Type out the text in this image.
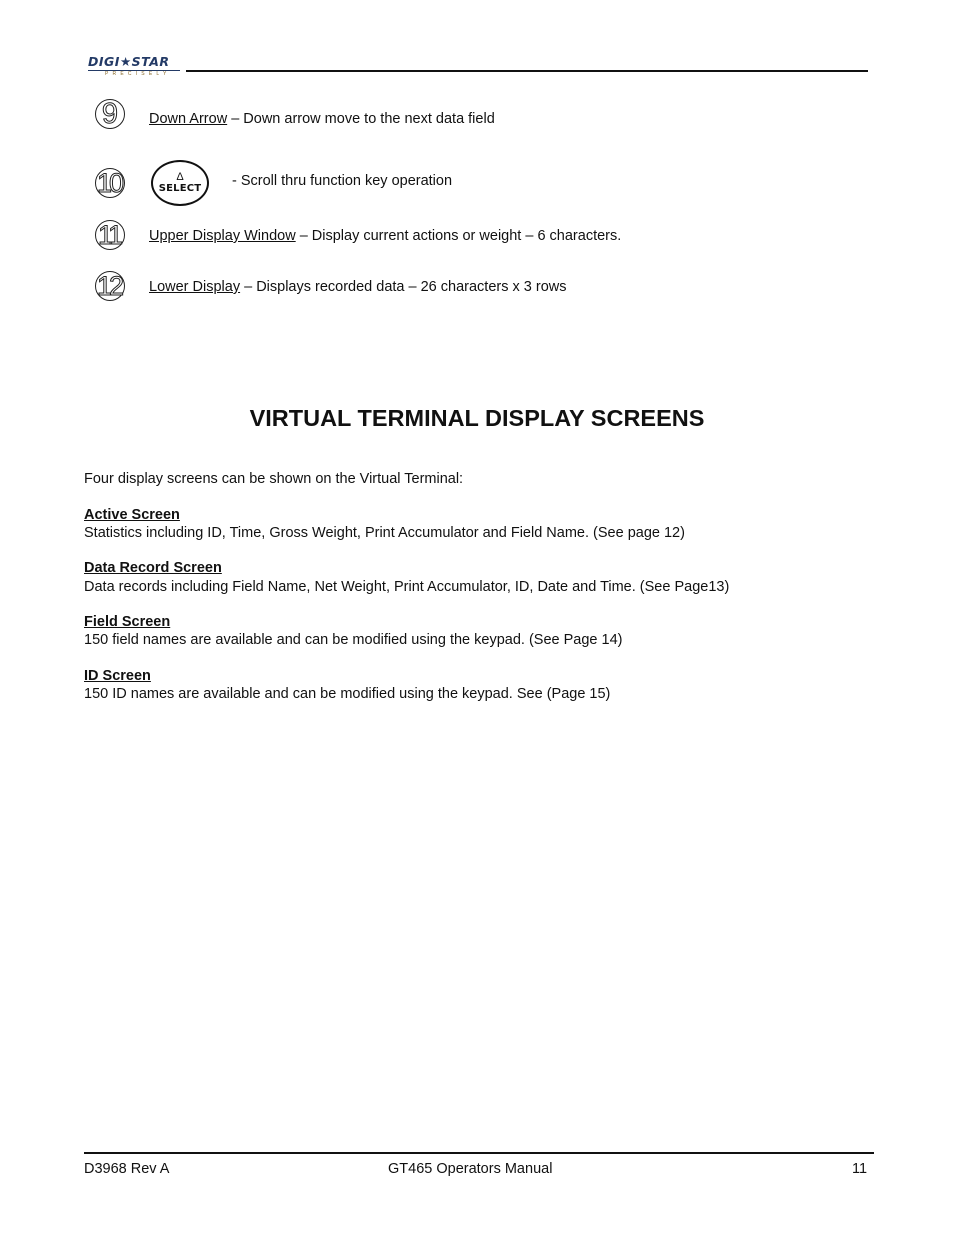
DIGI★STAR
PRECISELY
9	Down Arrow – Down arrow move to the next data field
10	Δ
SELECT - Scroll thru function key operation
11	Upper Display Window – Display current actions or weight – 6 characters.
12 Lower Display – Displays recorded data – 26 characters x 3 rows
VIRTUAL TERMINAL DISPLAY SCREENS
Four display screens can be shown on the Virtual Terminal:
Active Screen
Statistics including ID, Time, Gross Weight, Print Accumulator and Field Name. (See page 12)
Data Record Screen
Data records including Field Name, Net Weight, Print Accumulator, ID, Date and Time. (See Page13)
Field Screen
150 field names are available and can be modified using the keypad. (See Page 14)
ID Screen
150 ID names are available and can be modified using the keypad. See (Page 15)
D3968 Rev A	GT465 Operators Manual	11
